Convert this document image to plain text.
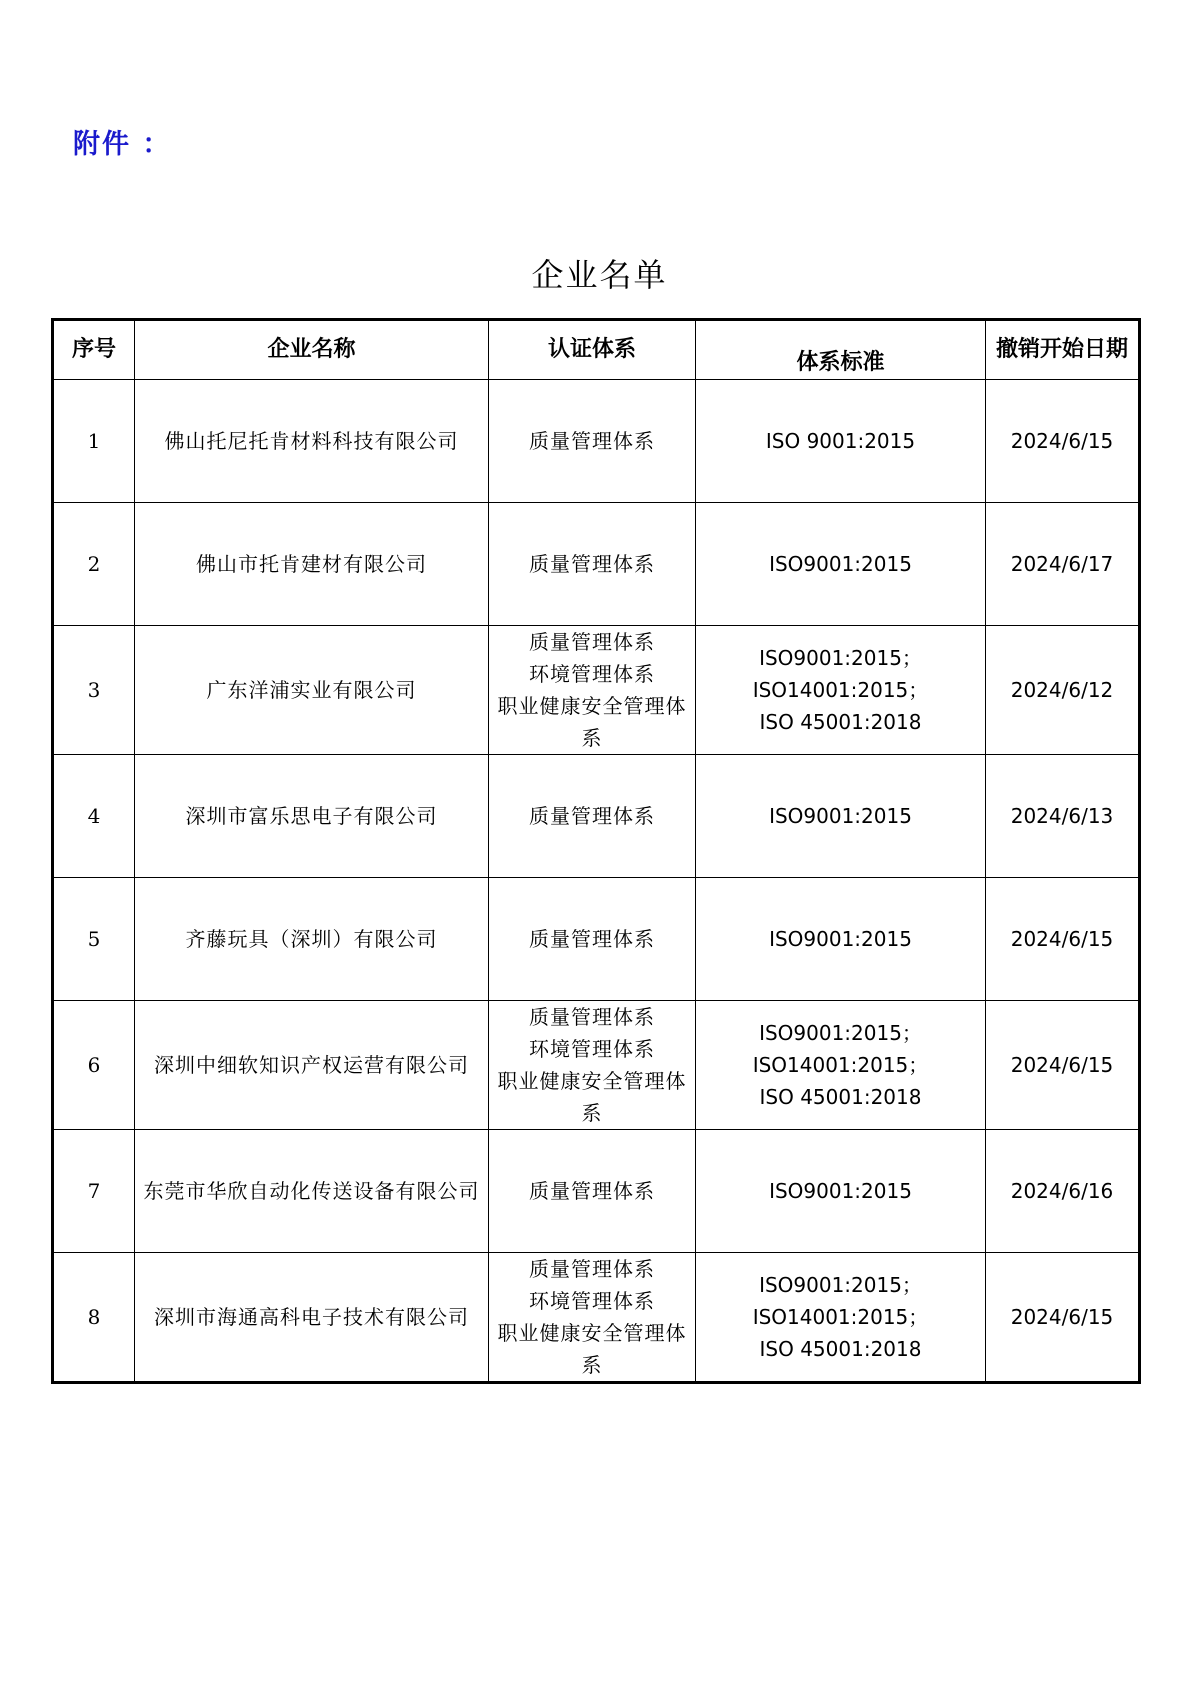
附件 ：
企业名单
序号	企业名称	认证体系	体系标准	撤销开始日期
1	佛山托尼托肯材料科技有限公司	质量管理体系	ISO 9001:2015	2024/6/15
2	佛山市托肯建材有限公司	质量管理体系	ISO9001:2015	2024/6/17
3	广东洋浦实业有限公司	质量管理体系
环境管理体系
职业健康安全管理体系	ISO9001:2015；
ISO14001:2015；
ISO 45001:2018	2024/6/12
4	深圳市富乐思电子有限公司	质量管理体系	ISO9001:2015	2024/6/13
5	齐藤玩具（深圳）有限公司	质量管理体系	ISO9001:2015	2024/6/15
6	深圳中细软知识产权运营有限公司	质量管理体系
环境管理体系
职业健康安全管理体系	ISO9001:2015；
ISO14001:2015；
ISO 45001:2018	2024/6/15
7	东莞市华欣自动化传送设备有限公司	质量管理体系	ISO9001:2015	2024/6/16
8	深圳市海通高科电子技术有限公司	质量管理体系
环境管理体系
职业健康安全管理体系	ISO9001:2015；
ISO14001:2015；
ISO 45001:2018	2024/6/15
